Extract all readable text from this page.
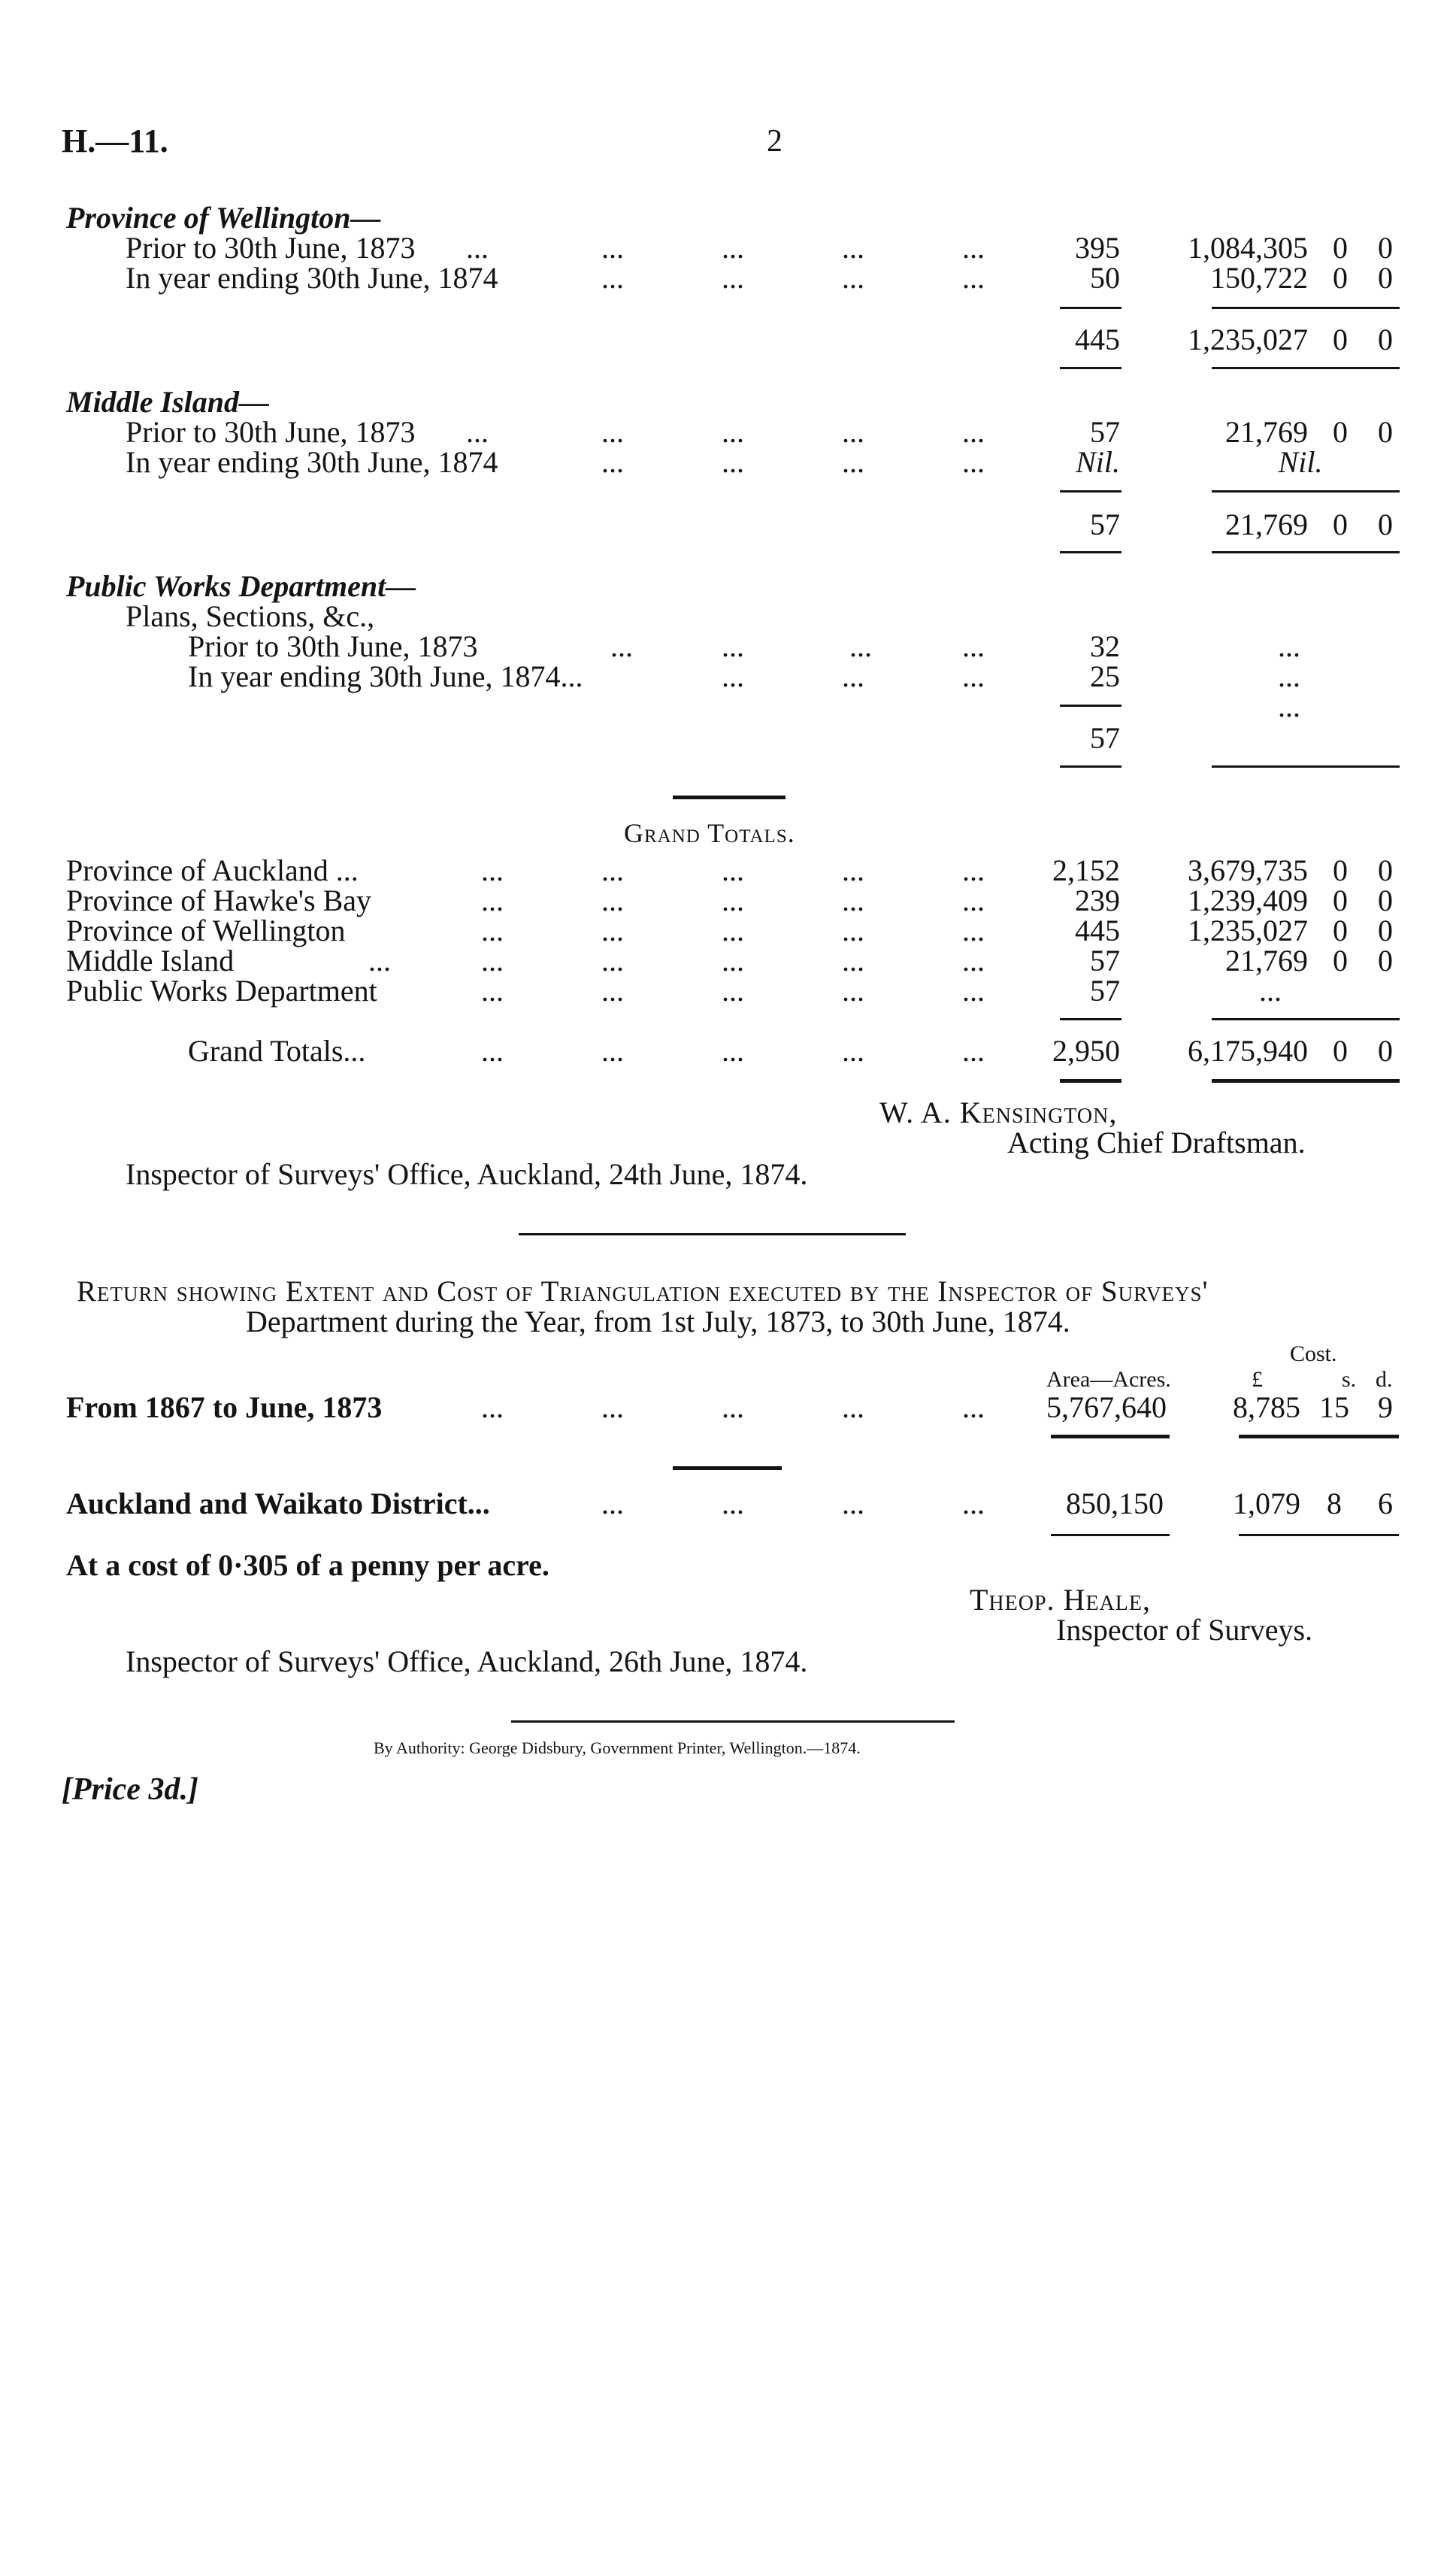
H.—11.	2
Province of Wellington—
Prior to 30th June, 1873 ...	...	...	...	...	395	1,084,305 0 0
In year ending 30th June, 1874	...	...	...	...	50	150,722 0 0
445	1,235,027 0 0
Middle Island—
Prior to 30th June, 1873 ...	...	...	...	...	57	21,769 0 0
In year ending 30th June, 1874	...	...	...	...	Nil.	Nil.
57	21,769 0 0
Public Works Department—
Plans, Sections, &c.,
Prior to 30th June, 1873	...	...	...	...	32	...
In year ending 30th June, 1874...	...	...	...	25	...
...
57
Grand Totals.
Province of Auckland ...	...	...	...	...	...	2,152	3,679,735 0 0
Province of Hawke's Bay	...	...	...	...	...	239	1,239,409 0 0
Province of Wellington	...	...	...	...	...	445	1,235,027 0 0
Middle Island	...	...	...	...	...	...	57	21,769 0 0
Public Works Department	...	...	...	...	...	57	...
Grand Totals...	...	...	...	...	...	2,950	6,175,940 0 0
W. A. Kensington,
Acting Chief Draftsman.
Inspector of Surveys' Office, Auckland, 24th June, 1874.
Return showing Extent and Cost of Triangulation executed by the Inspector of Surveys'
Department during the Year, from 1st July, 1873, to 30th June, 1874.
Cost.
Area—Acres.	£	s. d.
From 1867 to June, 1873	...	...	...	...	... 5,767,640	8,785 15 9
Auckland and Waikato District...	...	...	...	...	850,150	1,079 8	6
At a cost of 0·305 of a penny per acre.
Theop. Heale,
Inspector of Surveys.
Inspector of Surveys' Office, Auckland, 26th June, 1874.
By Authority: George Didsbury, Government Printer, Wellington.—1874.
[Price 3d.]
